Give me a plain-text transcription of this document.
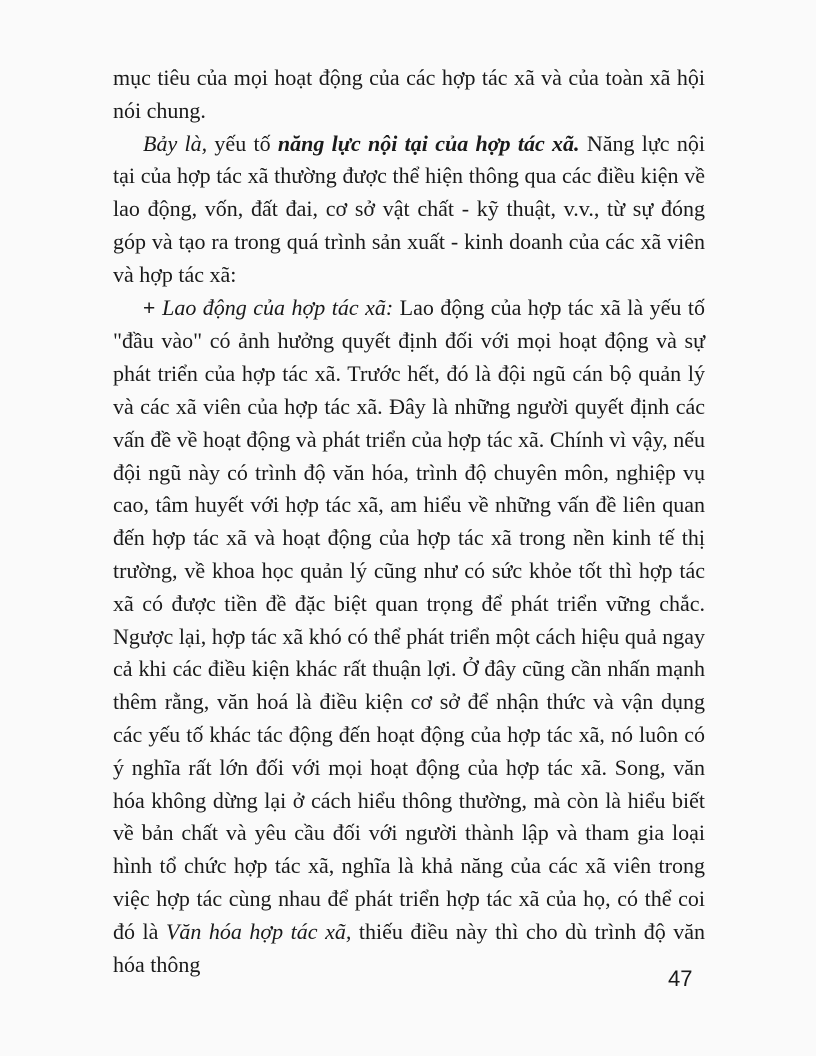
mục tiêu của mọi hoạt động của các hợp tác xã và của toàn xã hội nói chung.

Bảy là, yếu tố năng lực nội tại của hợp tác xã. Năng lực nội tại của hợp tác xã thường được thể hiện thông qua các điều kiện về lao động, vốn, đất đai, cơ sở vật chất - kỹ thuật, v.v., từ sự đóng góp và tạo ra trong quá trình sản xuất - kinh doanh của các xã viên và hợp tác xã:

+ Lao động của hợp tác xã: Lao động của hợp tác xã là yếu tố "đầu vào" có ảnh hưởng quyết định đối với mọi hoạt động và sự phát triển của hợp tác xã. Trước hết, đó là đội ngũ cán bộ quản lý và các xã viên của hợp tác xã. Đây là những người quyết định các vấn đề về hoạt động và phát triển của hợp tác xã. Chính vì vậy, nếu đội ngũ này có trình độ văn hóa, trình độ chuyên môn, nghiệp vụ cao, tâm huyết với hợp tác xã, am hiểu về những vấn đề liên quan đến hợp tác xã và hoạt động của hợp tác xã trong nền kinh tế thị trường, về khoa học quản lý cũng như có sức khỏe tốt thì hợp tác xã có được tiền đề đặc biệt quan trọng để phát triển vững chắc. Ngược lại, hợp tác xã khó có thể phát triển một cách hiệu quả ngay cả khi các điều kiện khác rất thuận lợi. Ở đây cũng cần nhấn mạnh thêm rằng, văn hoá là điều kiện cơ sở để nhận thức và vận dụng các yếu tố khác tác động đến hoạt động của hợp tác xã, nó luôn có ý nghĩa rất lớn đối với mọi hoạt động của hợp tác xã. Song, văn hóa không dừng lại ở cách hiểu thông thường, mà còn là hiểu biết về bản chất và yêu cầu đối với người thành lập và tham gia loại hình tổ chức hợp tác xã, nghĩa là khả năng của các xã viên trong việc hợp tác cùng nhau để phát triển hợp tác xã của họ, có thể coi đó là Văn hóa hợp tác xã, thiếu điều này thì cho dù trình độ văn hóa thông

47
